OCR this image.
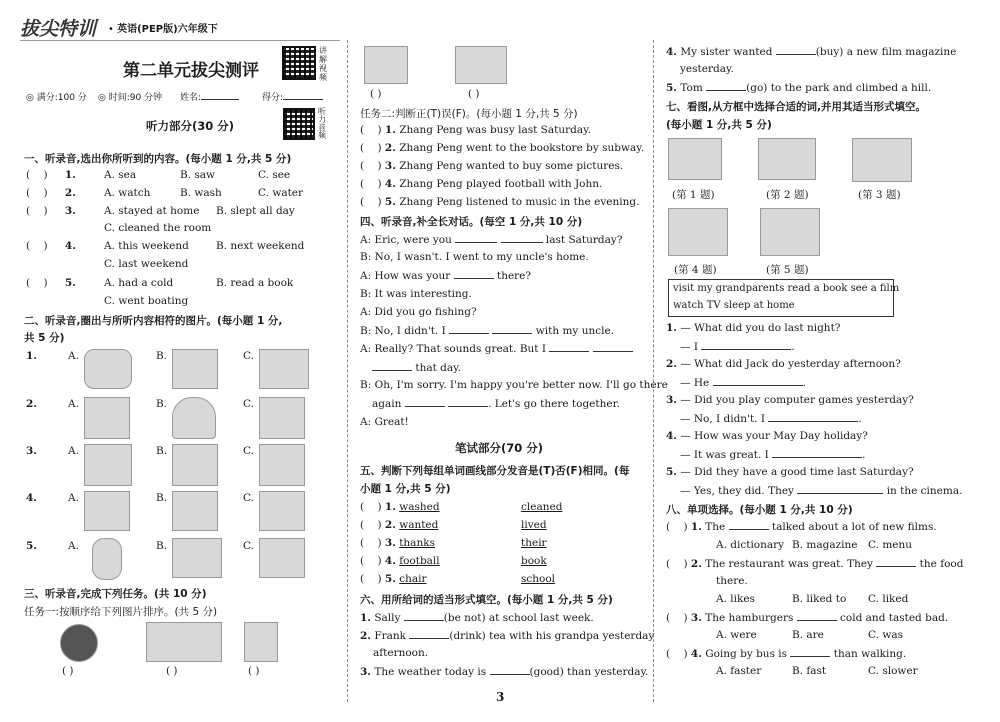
拔尖特训 • 英语(PEP版)六年级下
第二单元拔尖测评
讲
解
视
频
◎ 满分:100 分 ◎ 时间:90 分钟 姓名:	得分:
听力部分(30 分)
听
力
音
频
一、听录音,选出你所听到的内容。(每小题 1 分,共 5 分)
(    ) 1.	A. sea	B. saw	C. see
(    ) 2.	A. watch	B. wash	C. water
(    ) 3.	A. stayed at home B. slept all day
C. cleaned the room
(    ) 4.	A. this weekend	B. next weekend
C. last weekend
(    ) 5.	A. had a cold	B. read a book
C. went boating
二、听录音,圈出与所听内容相符的图片。(每小题 1 分,
共 5 分)
1.	A.	B.	C.
2.	A.	B.	C.
3.	A.	B.	C.
4.	A.	B.	C.
5.	A.	B.	C.
三、听录音,完成下列任务。(共 10 分)
任务一:按顺序给下列图片排序。(共 5 分)
( )	( )	( )
( )	( )
任务二:判断正(T)误(F)。(每小题 1 分,共 5 分)
(    ) 1. Zhang Peng was busy last Saturday.
(    ) 2. Zhang Peng went to the bookstore by subway.
(    ) 3. Zhang Peng wanted to buy some pictures.
(    ) 4. Zhang Peng played football with John.
(    ) 5. Zhang Peng listened to music in the evening.
四、听录音,补全长对话。(每空 1 分,共 10 分)
A: Eric, were you	last Saturday?
B: No, I wasn't. I went to my uncle's home.
A: How was your	there?
B: It was interesting.
A: Did you go fishing?
B: No, I didn't. I	with my uncle.
A: Really? That sounds great. But I
that day.
B: Oh, I'm sorry. I'm happy you're better now. I'll go there
again	. Let's go there together.
A: Great!
笔试部分(70 分)
五、判断下列每组单词画线部分发音是(T)否(F)相同。(每
小题 1 分,共 5 分)
(    ) 1. washed	cleaned
(    ) 2. wanted	lived
(    ) 3. thanks	their
(    ) 4. football	book
(    ) 5. chair	school
六、用所给词的适当形式填空。(每小题 1 分,共 5 分)
1. Sally	(be not) at school last week.
2. Frank	(drink) tea with his grandpa yesterday
afternoon.
3. The weather today is	(good) than yesterday.
3
4. My sister wanted	(buy) a new film magazine
yesterday.
5. Tom	(go) to the park and climbed a hill.
七、看图,从方框中选择合适的词,并用其适当形式填空。
(每小题 1 分,共 5 分)
(第 1 题)	(第 2 题)	(第 3 题)
(第 4 题)	(第 5 题)
visit my grandparents read a book see a film
watch TV sleep at home
1. — What did you do last night?
— I	.
2. — What did Jack do yesterday afternoon?
— He	.
3. — Did you play computer games yesterday?
— No, I didn't. I	.
4. — How was your May Day holiday?
— It was great. I	.
5. — Did they have a good time last Saturday?
— Yes, they did. They	in the cinema.
八、单项选择。(每小题 1 分,共 10 分)
(    ) 1. The	talked about a lot of new films.
A. dictionary B. magazine C. menu
(    ) 2. The restaurant was great. They	the food
there.
A. likes	B. liked to C. liked
(    ) 3. The hamburgers	cold and tasted bad.
A. were	B. are	C. was
(    ) 4. Going by bus is	than walking.
A. faster	B. fast	C. slower
